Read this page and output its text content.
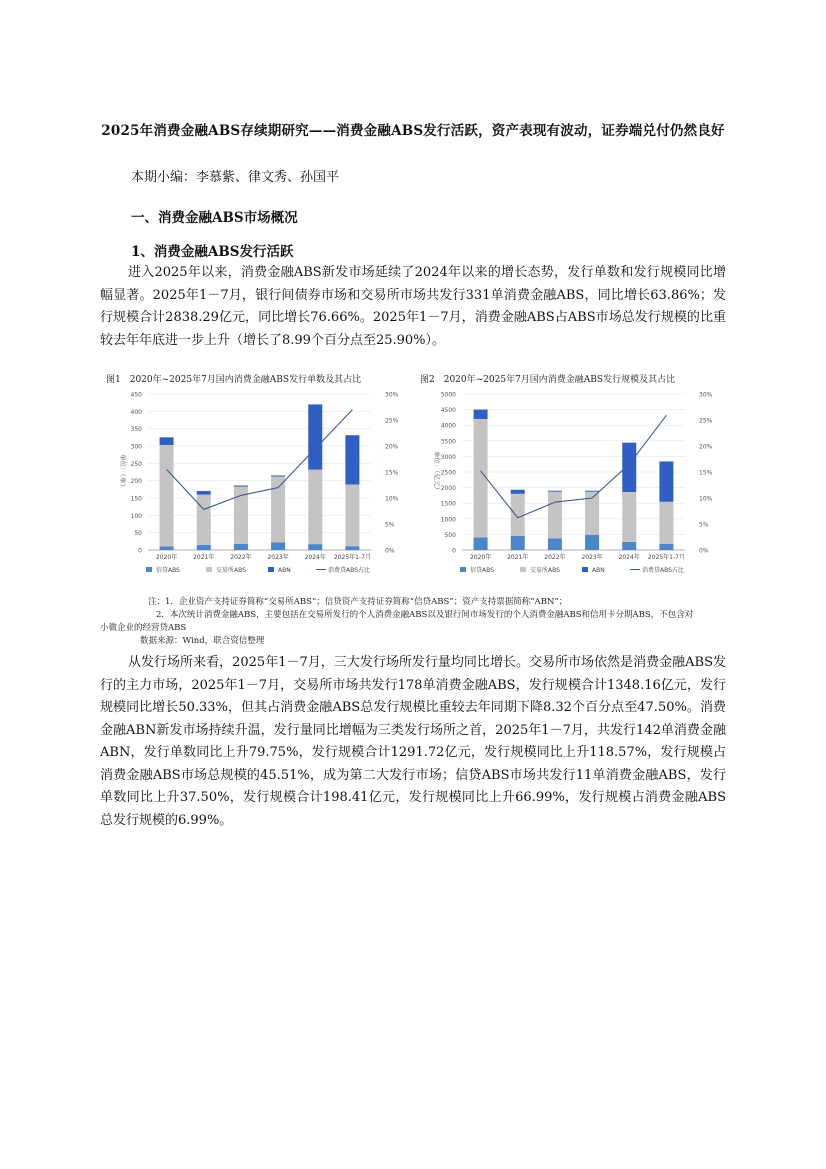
2025年消费金融ABS存续期研究——消费金融ABS发行活跃，资产表现有波动，证券端兑付仍然良好
本期小编：李慕紫、律文秀、孙国平
一、消费金融ABS市场概况
1、消费金融ABS发行活跃
进入2025年以来，消费金融ABS新发市场延续了2024年以来的增长态势，发行单数和发行规模同比增幅显著。2025年1－7月，银行间债券市场和交易所市场共发行331单消费金融ABS，同比增长63.86%；发行规模合计2838.29亿元，同比增长76.66%。2025年1－7月，消费金融ABS占ABS市场总发行规模的比重较去年年底进一步上升（增长了8.99个百分点至25.90%）。
图1　2020年~2025年7月国内消费金融ABS发行单数及其占比
0
50
100
150
200
250
300
350
400
450
0%
5%
10%
15%
20%
25%
30%
单位：（单）
2020年	2021年	2022年	2023年	2024年 2025年1-7月
信贷ABS	交易所ABS	ABN	消费贷ABS占比
图2　2020年~2025年7月国内消费金融ABS发行规模及其占比
0
500
1000
1500
2000
2500
3000
3500
4000
4500
5000
0%
5%
10%
15%
20%
25%
30%
单位：（亿元）
2020年	2021年	2022年	2023年	2024年 2025年1-7月
信贷ABS	交易所ABS	ABN	消费贷ABS占比
注：1．企业资产支持证券简称“交易所ABS”；信贷资产支持证券简称“信贷ABS”；资产支持票据简称“ABN”；
2．本次统计消费金融ABS，主要包括在交易所发行的个人消费金融ABS以及银行间市场发行的个人消费金融ABS和信用卡分期ABS，不包含对
小微企业的经营贷ABS
数据来源：Wind，联合资信整理
从发行场所来看，2025年1－7月，三大发行场所发行量均同比增长。交易所市场依然是消费金融ABS发行的主力市场，2025年1－7月，交易所市场共发行178单消费金融ABS，发行规模合计1348.16亿元，发行规模同比增长50.33%，但其占消费金融ABS总发行规模比重较去年同期下降8.32个百分点至47.50%。消费金融ABN新发市场持续升温，发行量同比增幅为三类发行场所之首，2025年1－7月，共发行142单消费金融ABN，发行单数同比上升79.75%，发行规模合计1291.72亿元，发行规模同比上升118.57%，发行规模占消费金融ABS市场总规模的45.51%，成为第二大发行市场；信贷ABS市场共发行11单消费金融ABS，发行单数同比上升37.50%，发行规模合计198.41亿元，发行规模同比上升66.99%，发行规模占消费金融ABS总发行规模的6.99%。
